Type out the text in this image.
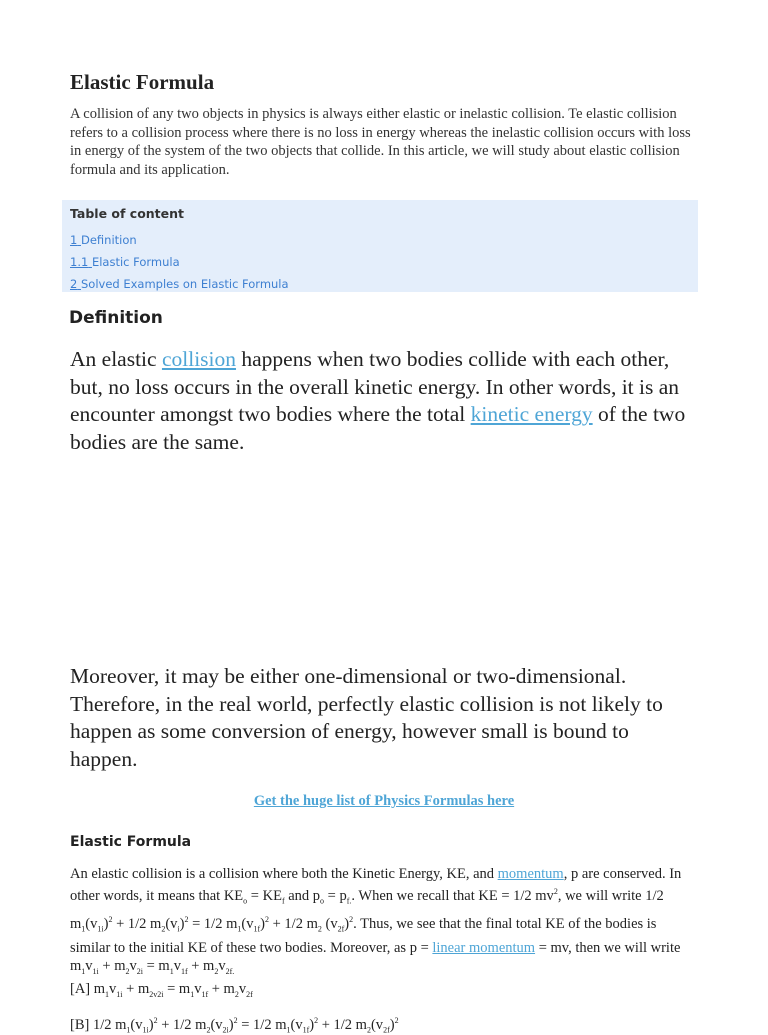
Elastic Formula

A collision of any two objects in physics is always either elastic or inelastic collision. Te elastic collision refers to a collision process where there is no loss in energy whereas the inelastic collision occurs with loss in energy of the system of the two objects that collide. In this article, we will study about elastic collision formula and its application.

Table of content
1 Definition
1.1 Elastic Formula
2 Solved Examples on Elastic Formula
Definition

An elastic collision happens when two bodies collide with each other, but, no loss occurs in the overall kinetic energy. In other words, it is an encounter amongst two bodies where the total kinetic energy of the two bodies are the same.

Moreover, it may be either one-dimensional or two-dimensional. Therefore, in the real world, perfectly elastic collision is not likely to happen as some conversion of energy, however small is bound to happen.

Get the huge list of Physics Formulas here
Elastic Formula

An elastic collision is a collision where both the Kinetic Energy, KE, and momentum, p are conserved. In other words, it means that $KE_o = KE_f$ and $p_o = p_{f.}$. When we recall that KE = 1/2 $mv^2$, we will write 1/2 $m_1(v_{1i})^2 + 1/2$ $m_2(v_i)^2 = 1/2$ $m_1(v_{1f})^2 + 1/2$ $m_2$ $(v_{2f})^2$. Thus, we see that the final total KE of the bodies is similar to the initial KE of these two bodies. Moreover, as p = linear momentum = mv, then we will write $m_1v_{1i} + m_2v_{2i} = m_1v_{1f} + m_2v_{2f.}$

[A] $m_1v_{1i} + m_{2v2i} = m_1v_{1f} + m_2v_{2f}$

[B] 1/2 $m_1(v_{1i})^2 + 1/2$ $m_2(v_{2i})^2 = 1/2$ $m_1(v_{1f})^2 + 1/2$ $m_2(v_{2f})^2$
